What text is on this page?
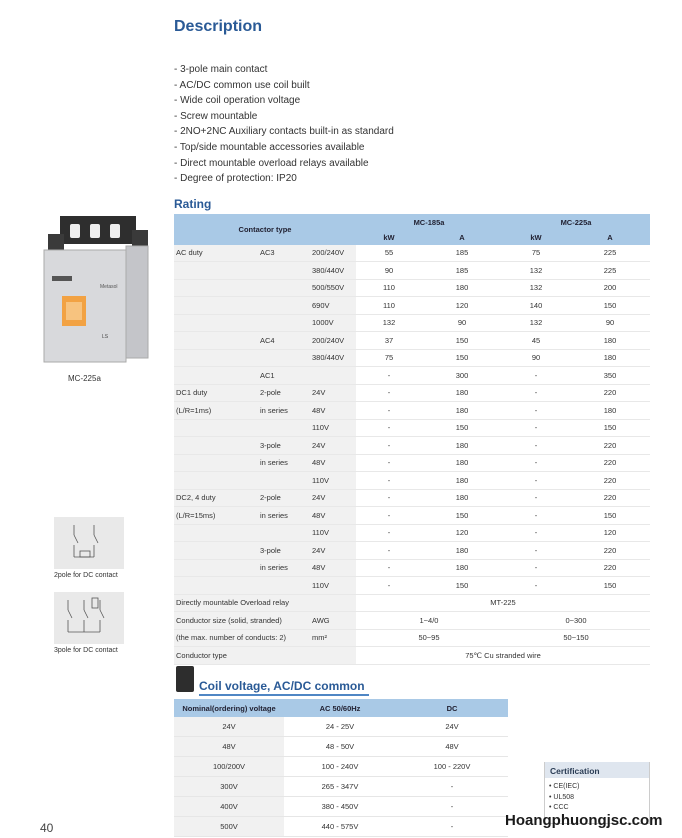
Description
- 3-pole main contact
- AC/DC common use coil built
- Wide coil operation voltage
- Screw mountable
- 2NO+2NC Auxiliary contacts built-in as standard
- Top/side mountable accessories available
- Direct mountable overload relays available
- Degree of protection: IP20
Metasol
LS
MC-225a
2pole for DC contact
3pole for DC contact
Rating
Contactor type			MC-185a		MC-225a	
			kW	A	kW	A
AC duty	AC3	200/240V	55	185	75	225
		380/440V	90	185	132	225
		500/550V	110	180	132	200
		690V	110	120	140	150
		1000V	132	90	132	90
	AC4	200/240V	37	150	45	180
		380/440V	75	150	90	180
	AC1		-	300	-	350
DC1 duty	2-pole	24V	-	180	-	220
(L/R=1ms)	in series	48V	-	180	-	180
		110V	-	150	-	150
	3-pole	24V	-	180	-	220
	in series	48V	-	180	-	220
		110V	-	180	-	220
DC2, 4 duty	2-pole	24V	-	180	-	220
(L/R=15ms)	in series	48V	-	150	-	150
		110V	-	120	-	120
	3-pole	24V	-	180	-	220
	in series	48V	-	180	-	220
		110V	-	150	-	150
Directly mountable Overload relay			MT-225			
Conductor size (solid, stranded)		AWG	1~4/0		0~300	
(the max. number of conducts: 2)		mm²	50~95		50~150	
Conductor type			75℃ Cu stranded wire			
Coil voltage, AC/DC common
Nominal(ordering) voltage	AC 50/60Hz	DC
24V	24 - 25V	24V
48V	48 - 50V	48V
100/200V	100 - 240V	100 - 220V
300V	265 - 347V	-
400V	380 - 450V	-
500V	440 - 575V	-
Certification
• CE(IEC)
• UL508
• CCC
40	Hoangphuongjsc.com
